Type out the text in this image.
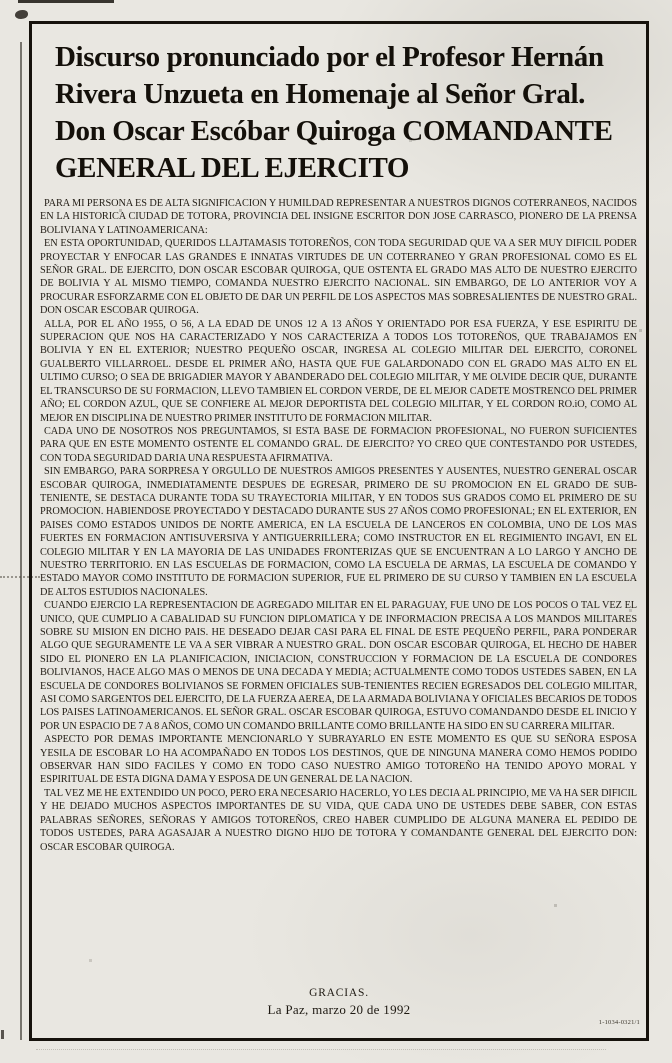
Discurso pronunciado por el Profesor Hernán
Rivera Unzueta en Homenaje al Señor Gral.
Don Oscar Escóbar Quiroga COMANDANTE
GENERAL DEL EJERCITO

PARA MI PERSONA ES DE ALTA SIGNIFICACION Y HUMILDAD REPRESENTAR A NUESTROS DIGNOS COTERRANEOS, NACIDOS EN LA HISTORICA CIUDAD DE TOTORA, PROVINCIA DEL INSIGNE ESCRITOR DON JOSE CARRASCO, PIONERO DE LA PRENSA BOLIVIANA Y LATINOAMERICANA:

EN ESTA OPORTUNIDAD, QUERIDOS LLAJTAMASIS TOTOREÑOS, CON TODA SEGURIDAD QUE VA A SER MUY DIFICIL PODER PROYECTAR Y ENFOCAR LAS GRANDES E INNATAS VIRTUDES DE UN COTERRANEO Y GRAN PROFESIONAL COMO ES EL SEÑOR GRAL. DE EJERCITO, DON OSCAR ESCOBAR QUIROGA, QUE OSTENTA EL GRADO MAS ALTO DE NUESTRO EJERCITO DE BOLIVIA Y AL MISMO TIEMPO, COMANDA NUESTRO EJERCITO NACIONAL. SIN EMBARGO, DE LO ANTERIOR VOY A PROCURAR ESFORZARME CON EL OBJETO DE DAR UN PERFIL DE LOS ASPECTOS MAS SOBRESALIENTES DE NUESTRO GRAL. DON OSCAR ESCOBAR QUIROGA.

ALLA, POR EL AÑO 1955, O 56, A LA EDAD DE UNOS 12 A 13 AÑOS Y ORIENTADO POR ESA FUERZA, Y ESE ESPIRITU DE SUPERACION QUE NOS HA CARACTERIZADO Y NOS CARACTERIZA A TODOS LOS TOTOREÑOS, QUE TRABAJAMOS EN BOLIVIA Y EN EL EXTERIOR; NUESTRO PEQUEÑO OSCAR, INGRESA AL COLEGIO MILITAR DEL EJERCITO, CORONEL GUALBERTO VILLARROEL. DESDE EL PRIMER AÑO, HASTA QUE FUE GALARDONADO CON EL GRADO MAS ALTO EN EL ULTIMO CURSO; O SEA DE BRIGADIER MAYOR Y ABANDERADO DEL COLEGIO MILITAR, Y ME OLVIDE DECIR QUE, DURANTE EL TRANSCURSO DE SU FORMACION, LLEVO TAMBIEN EL CORDON VERDE, DE EL MEJOR CADETE MOSTRENCO DEL PRIMER AÑO; EL CORDON AZUL, QUE SE CONFIERE AL MEJOR DEPORTISTA DEL COLEGIO MILITAR, Y EL CORDON RO.iO, COMO AL MEJOR EN DISCIPLINA DE NUESTRO PRIMER INSTITUTO DE FORMACION MILITAR.

CADA UNO DE NOSOTROS NOS PREGUNTAMOS, SI ESTA BASE DE FORMACION PROFESIONAL, NO FUERON SUFICIENTES PARA QUE EN ESTE MOMENTO OSTENTE EL COMANDO GRAL. DE EJERCITO? YO CREO QUE CONTESTANDO POR USTEDES, CON TODA SEGURIDAD DARIA UNA RESPUESTA AFIRMATIVA.

SIN EMBARGO, PARA SORPRESA Y ORGULLO DE NUESTROS AMIGOS PRESENTES Y AUSENTES, NUESTRO GENERAL OSCAR ESCOBAR QUIROGA, INMEDIATAMENTE DESPUES DE EGRESAR, PRIMERO DE SU PROMOCION EN EL GRADO DE SUB-TENIENTE, SE DESTACA DURANTE TODA SU TRAYECTORIA MILITAR, Y EN TODOS SUS GRADOS COMO EL PRIMERO DE SU PROMOCION. HABIENDOSE PROYECTADO Y DESTACADO DURANTE SUS 27 AÑOS COMO PROFESIONAL; EN EL EXTERIOR, EN PAISES COMO ESTADOS UNIDOS DE NORTE AMERICA, EN LA ESCUELA DE LANCEROS EN COLOMBIA, UNO DE LOS MAS FUERTES EN FORMACION ANTISUVERSIVA Y ANTIGUERRILLERA; COMO INSTRUCTOR EN EL REGIMIENTO INGAVI, EN EL COLEGIO MILITAR Y EN LA MAYORIA DE LAS UNIDADES FRONTERIZAS QUE SE ENCUENTRAN A LO LARGO Y ANCHO DE NUESTRO TERRITORIO. EN LAS ESCUELAS DE FORMACION, COMO LA ESCUELA DE ARMAS, LA ESCUELA DE COMANDO Y ESTADO MAYOR COMO INSTITUTO DE FORMACION SUPERIOR, FUE EL PRIMERO DE SU CURSO Y TAMBIEN EN LA ESCUELA DE ALTOS ESTUDIOS NACIONALES.

CUANDO EJERCIO LA REPRESENTACION DE AGREGADO MILITAR EN EL PARAGUAY, FUE UNO DE LOS POCOS O TAL VEZ EL UNICO, QUE CUMPLIO A CABALIDAD SU FUNCION DIPLOMATICA Y DE INFORMACION PRECISA A LOS MANDOS MILITARES SOBRE SU MISION EN DICHO PAIS. HE DESEADO DEJAR CASI PARA EL FINAL DE ESTE PEQUEÑO PERFIL, PARA PONDERAR ALGO QUE SEGURAMENTE LE VA A SER VIBRAR A NUESTRO GRAL. DON OSCAR ESCOBAR QUIROGA, EL HECHO DE HABER SIDO EL PIONERO EN LA PLANIFICACION, INICIACION, CONSTRUCCION Y FORMACION DE LA ESCUELA DE CONDORES BOLIVIANOS, HACE ALGO MAS O MENOS DE UNA DECADA Y MEDIA; ACTUALMENTE COMO TODOS USTEDES SABEN, EN LA ESCUELA DE CONDORES BOLIVIANOS SE FORMEN OFICIALES SUB-TENIENTES RECIEN EGRESADOS DEL COLEGIO MILITAR, ASI COMO SARGENTOS DEL EJERCITO, DE LA FUERZA AEREA, DE LA ARMADA BOLIVIANA Y OFICIALES BECARIOS DE TODOS LOS PAISES LATINOAMERICANOS. EL SEÑOR GRAL. OSCAR ESCOBAR QUIROGA, ESTUVO COMANDANDO DESDE EL INICIO Y POR UN ESPACIO DE 7 A 8 AÑOS, COMO UN COMANDO BRILLANTE COMO BRILLANTE HA SIDO EN SU CARRERA MILITAR.

ASPECTO POR DEMAS IMPORTANTE MENCIONARLO Y SUBRAYARLO EN ESTE MOMENTO ES QUE SU SEÑORA ESPOSA YESILA DE ESCOBAR LO HA ACOMPAÑADO EN TODOS LOS DESTINOS, QUE DE NINGUNA MANERA COMO HEMOS PODIDO OBSERVAR HAN SIDO FACILES Y COMO EN TODO CASO NUESTRO AMIGO TOTOREÑO HA TENIDO APOYO MORAL Y ESPIRITUAL DE ESTA DIGNA DAMA Y ESPOSA DE UN GENERAL DE LA NACION.

TAL VEZ ME HE EXTENDIDO UN POCO, PERO ERA NECESARIO HACERLO, YO LES DECIA AL PRINCIPIO, ME VA HA SER DIFICIL Y HE DEJADO MUCHOS ASPECTOS IMPORTANTES DE SU VIDA, QUE CADA UNO DE USTEDES DEBE SABER, CON ESTAS PALABRAS SEÑORES, SEÑORAS Y AMIGOS TOTOREÑOS, CREO HABER CUMPLIDO DE ALGUNA MANERA EL PEDIDO DE TODOS USTEDES, PARA AGASAJAR A NUESTRO DIGNO HIJO DE TOTORA Y COMANDANTE GENERAL DEL EJERCITO DON: OSCAR ESCOBAR QUIROGA.

GRACIAS.
La Paz, marzo 20 de 1992
1-1034-0321/1
